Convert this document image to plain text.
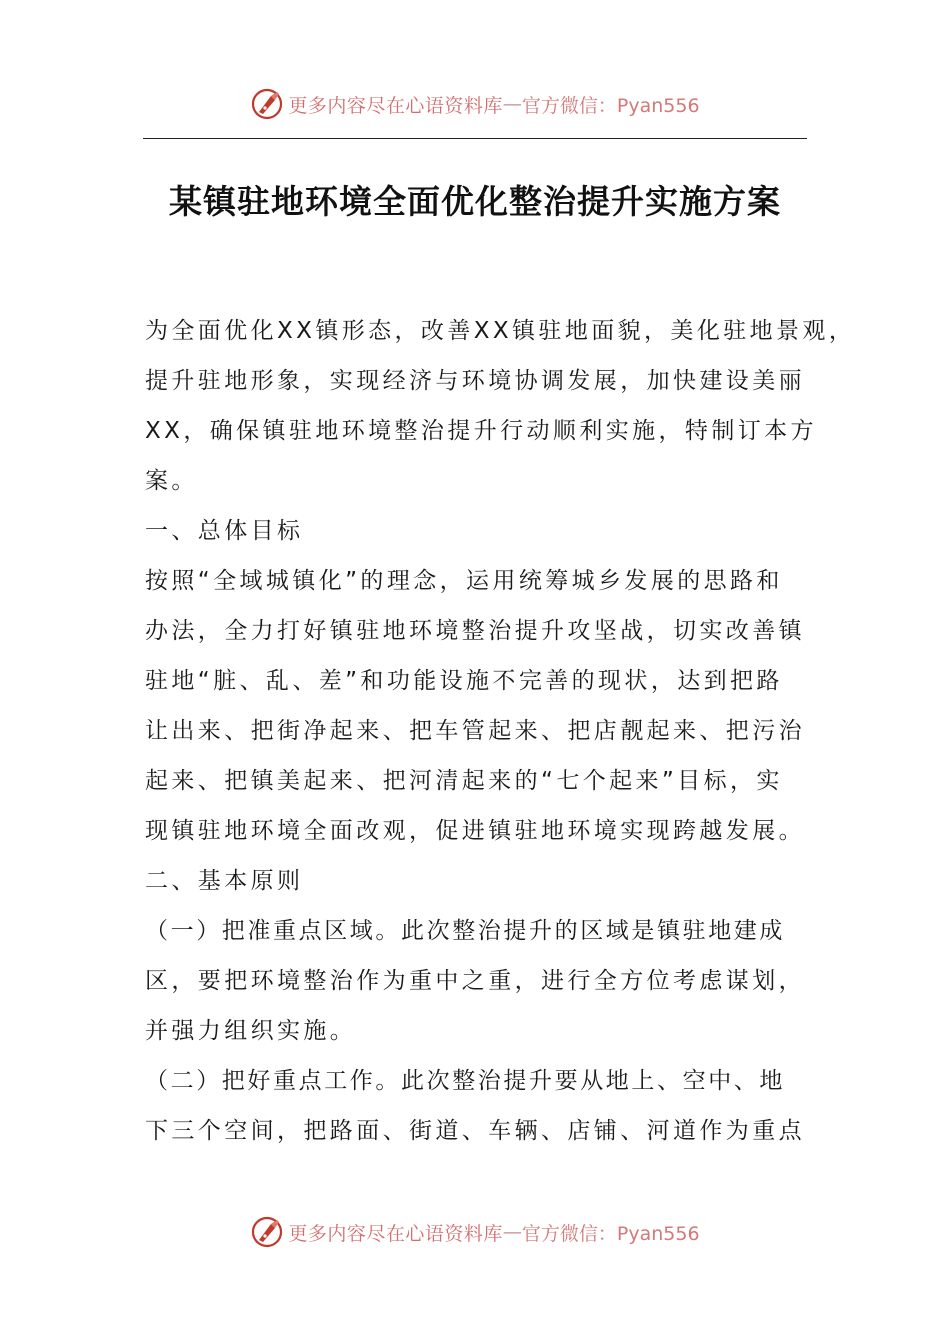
更多内容尽在心语资料库 — 官方微信：Pyan556
某镇驻地环境全面优化整治提升实施方案
为全面优化XX镇形态，改善XX镇驻地面貌，美化驻地景观，
提升驻地形象，实现经济与环境协调发展，加快建设美丽
XX，确保镇驻地环境整治提升行动顺利实施，特制订本方
案。
一、总体目标
按照“全域城镇化”的理念，运用统筹城乡发展的思路和
办法，全力打好镇驻地环境整治提升攻坚战，切实改善镇
驻地“脏、乱、差”和功能设施不完善的现状，达到把路
让出来、把街净起来、把车管起来、把店靓起来、把污治
起来、把镇美起来、把河清起来的“七个起来”目标，实
现镇驻地环境全面改观，促进镇驻地环境实现跨越发展。
二、基本原则
（一）把准重点区域。此次整治提升的区域是镇驻地建成
区，要把环境整治作为重中之重，进行全方位考虑谋划，
并强力组织实施。
（二）把好重点工作。此次整治提升要从地上、空中、地
下三个空间，把路面、街道、车辆、店铺、河道作为重点
更多内容尽在心语资料库 — 官方微信：Pyan556
